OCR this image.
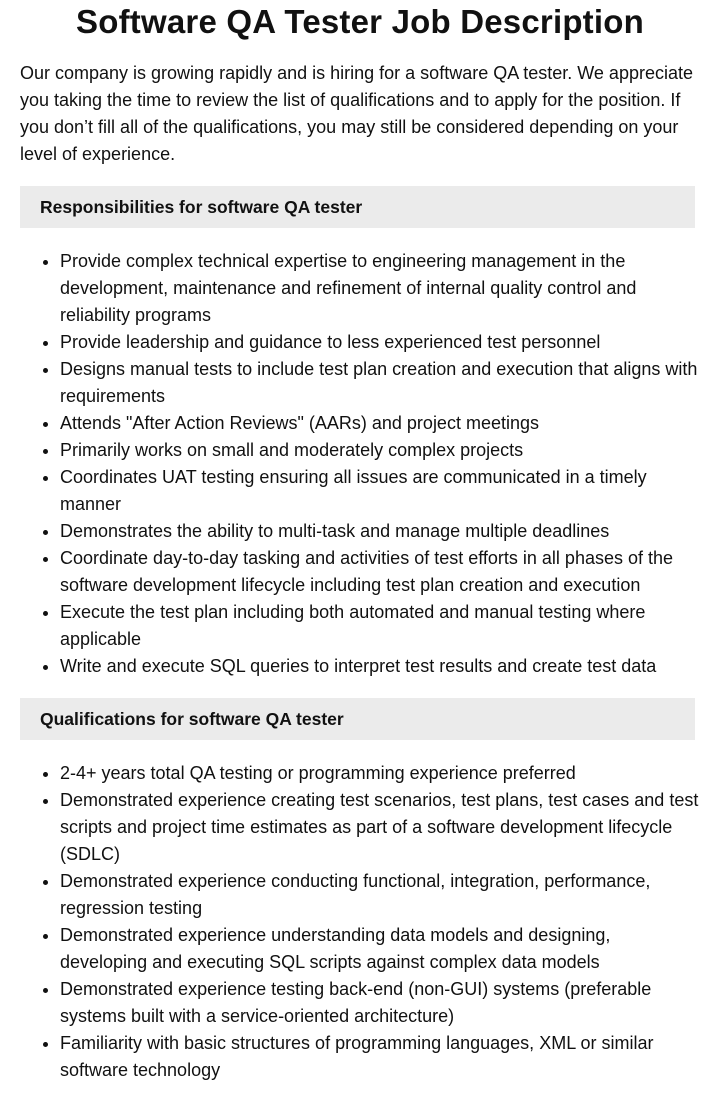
Software QA Tester Job Description

Our company is growing rapidly and is hiring for a software QA tester. We appreciate you taking the time to review the list of qualifications and to apply for the position. If you don’t fill all of the qualifications, you may still be considered depending on your level of experience.

Responsibilities for software QA tester
• Provide complex technical expertise to engineering management in the development, maintenance and refinement of internal quality control and reliability programs
• Provide leadership and guidance to less experienced test personnel
• Designs manual tests to include test plan creation and execution that aligns with requirements
• Attends "After Action Reviews" (AARs) and project meetings
• Primarily works on small and moderately complex projects
• Coordinates UAT testing ensuring all issues are communicated in a timely manner
• Demonstrates the ability to multi-task and manage multiple deadlines
• Coordinate day-to-day tasking and activities of test efforts in all phases of the software development lifecycle including test plan creation and execution
• Execute the test plan including both automated and manual testing where applicable
• Write and execute SQL queries to interpret test results and create test data
Qualifications for software QA tester
• 2-4+ years total QA testing or programming experience preferred
• Demonstrated experience creating test scenarios, test plans, test cases and test scripts and project time estimates as part of a software development lifecycle (SDLC)
• Demonstrated experience conducting functional, integration, performance, regression testing
• Demonstrated experience understanding data models and designing, developing and executing SQL scripts against complex data models
• Demonstrated experience testing back-end (non-GUI) systems (preferable systems built with a service-oriented architecture)
• Familiarity with basic structures of programming languages, XML or similar software technology
